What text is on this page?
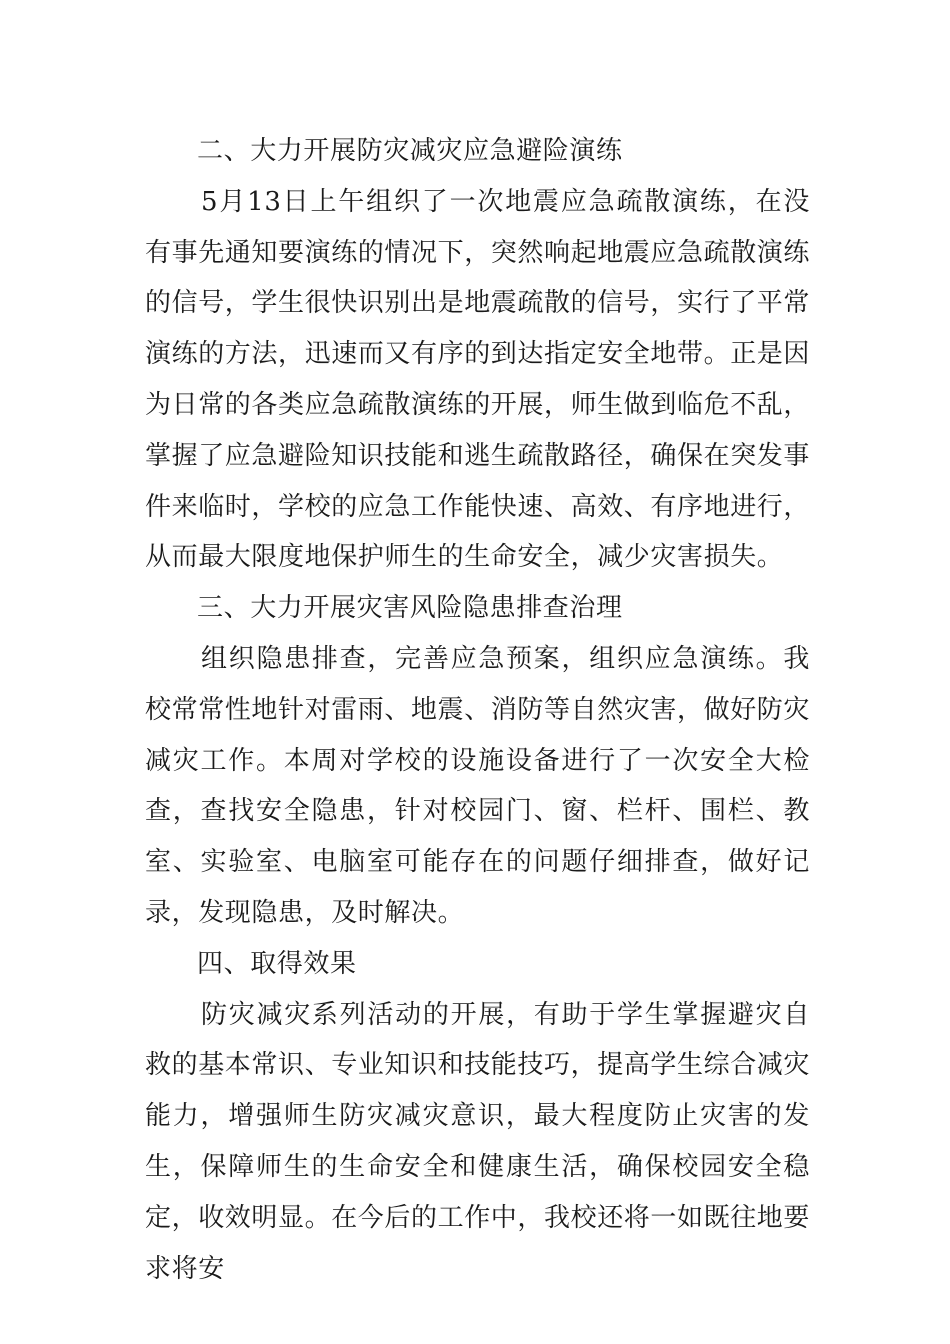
二、大力开展防灾减灾应急避险演练

5月13日上午组织了一次地震应急疏散演练，在没有事先通知要演练的情况下，突然响起地震应急疏散演练的信号，学生很快识别出是地震疏散的信号，实行了平常演练的方法，迅速而又有序的到达指定安全地带。正是因为日常的各类应急疏散演练的开展，师生做到临危不乱，掌握了应急避险知识技能和逃生疏散路径，确保在突发事件来临时，学校的应急工作能快速、高效、有序地进行，从而最大限度地保护师生的生命安全，减少灾害损失。

三、大力开展灾害风险隐患排查治理

组织隐患排查，完善应急预案，组织应急演练。我校常常性地针对雷雨、地震、消防等自然灾害，做好防灾减灾工作。本周对学校的设施设备进行了一次安全大检查，查找安全隐患，针对校园门、窗、栏杆、围栏、教室、实验室、电脑室可能存在的问题仔细排查，做好记录，发现隐患，及时解决。

四、取得效果

防灾减灾系列活动的开展，有助于学生掌握避灾自救的基本常识、专业知识和技能技巧，提高学生综合减灾能力，增强师生防灾减灾意识，最大程度防止灾害的发生，保障师生的生命安全和健康生活，确保校园安全稳定，收效明显。在今后的工作中，我校还将一如既往地要求将安
